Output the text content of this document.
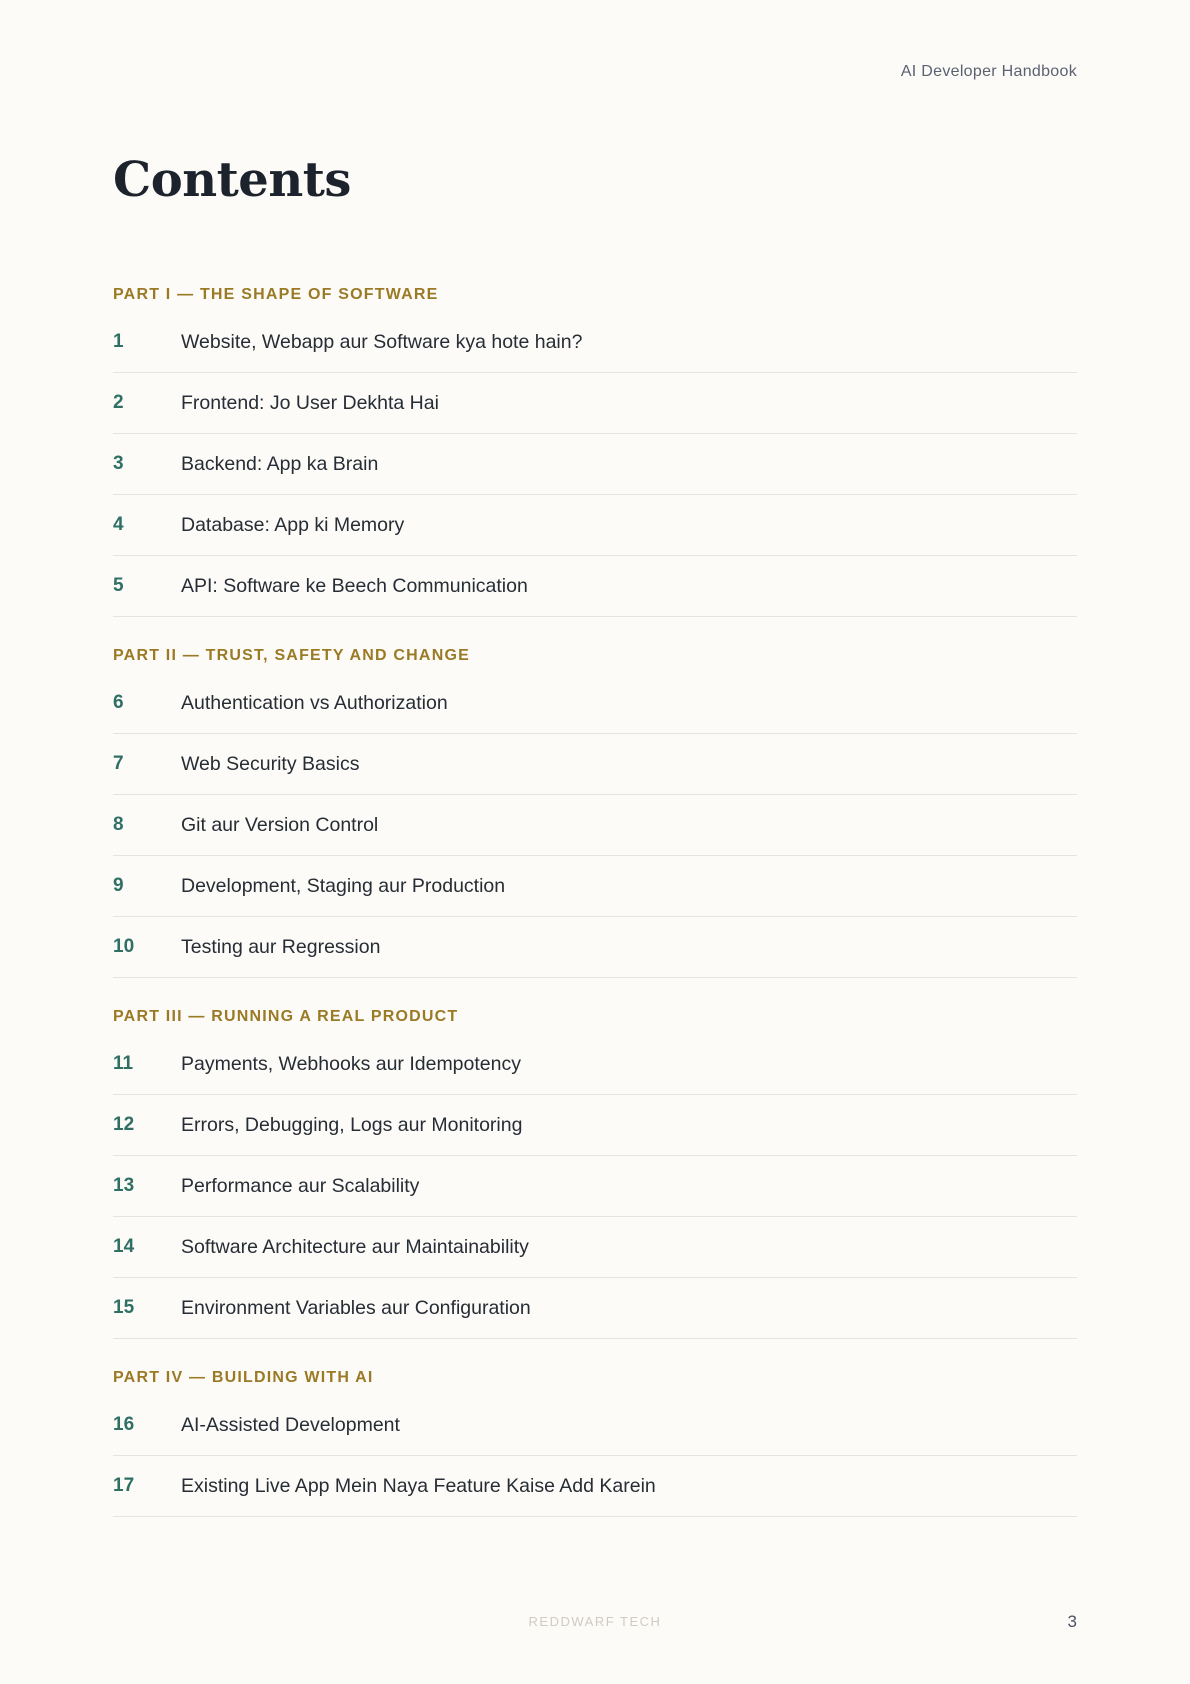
AI Developer Handbook
Contents
PART I — THE SHAPE OF SOFTWARE
1	Website, Webapp aur Software kya hote hain?
2	Frontend: Jo User Dekhta Hai
3	Backend: App ka Brain
4	Database: App ki Memory
5	API: Software ke Beech Communication
PART II — TRUST, SAFETY AND CHANGE
6	Authentication vs Authorization
7	Web Security Basics
8	Git aur Version Control
9	Development, Staging aur Production
10	Testing aur Regression
PART III — RUNNING A REAL PRODUCT
11	Payments, Webhooks aur Idempotency
12	Errors, Debugging, Logs aur Monitoring
13	Performance aur Scalability
14	Software Architecture aur Maintainability
15	Environment Variables aur Configuration
PART IV — BUILDING WITH AI
16	AI-Assisted Development
17	Existing Live App Mein Naya Feature Kaise Add Karein
REDDWARF TECH	3
